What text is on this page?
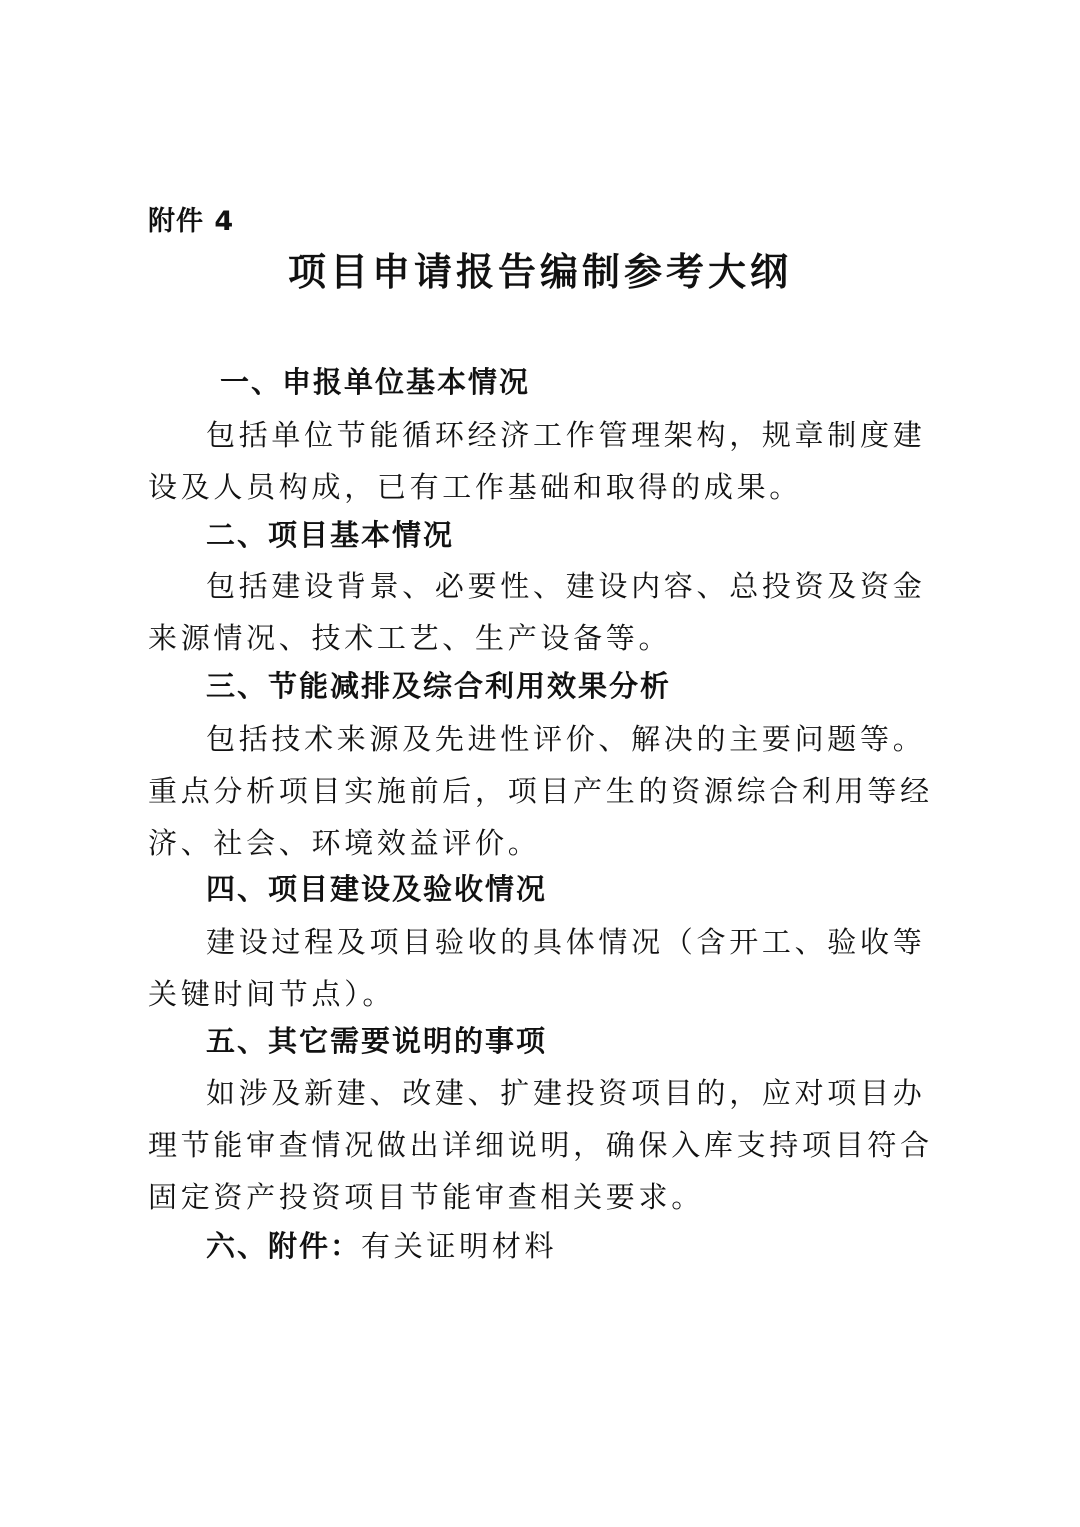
附件 4
项目申请报告编制参考大纲
一、申报单位基本情况
包括单位节能循环经济工作管理架构，规章制度建设及人员构成，已有工作基础和取得的成果。
二、项目基本情况
包括建设背景、必要性、建设内容、总投资及资金来源情况、技术工艺、生产设备等。
三、节能减排及综合利用效果分析
包括技术来源及先进性评价、解决的主要问题等。重点分析项目实施前后，项目产生的资源综合利用等经济、社会、环境效益评价。
四、项目建设及验收情况
建设过程及项目验收的具体情况（含开工、验收等关键时间节点）。
五、其它需要说明的事项
如涉及新建、改建、扩建投资项目的，应对项目办理节能审查情况做出详细说明，确保入库支持项目符合固定资产投资项目节能审查相关要求。
六、附件：有关证明材料
